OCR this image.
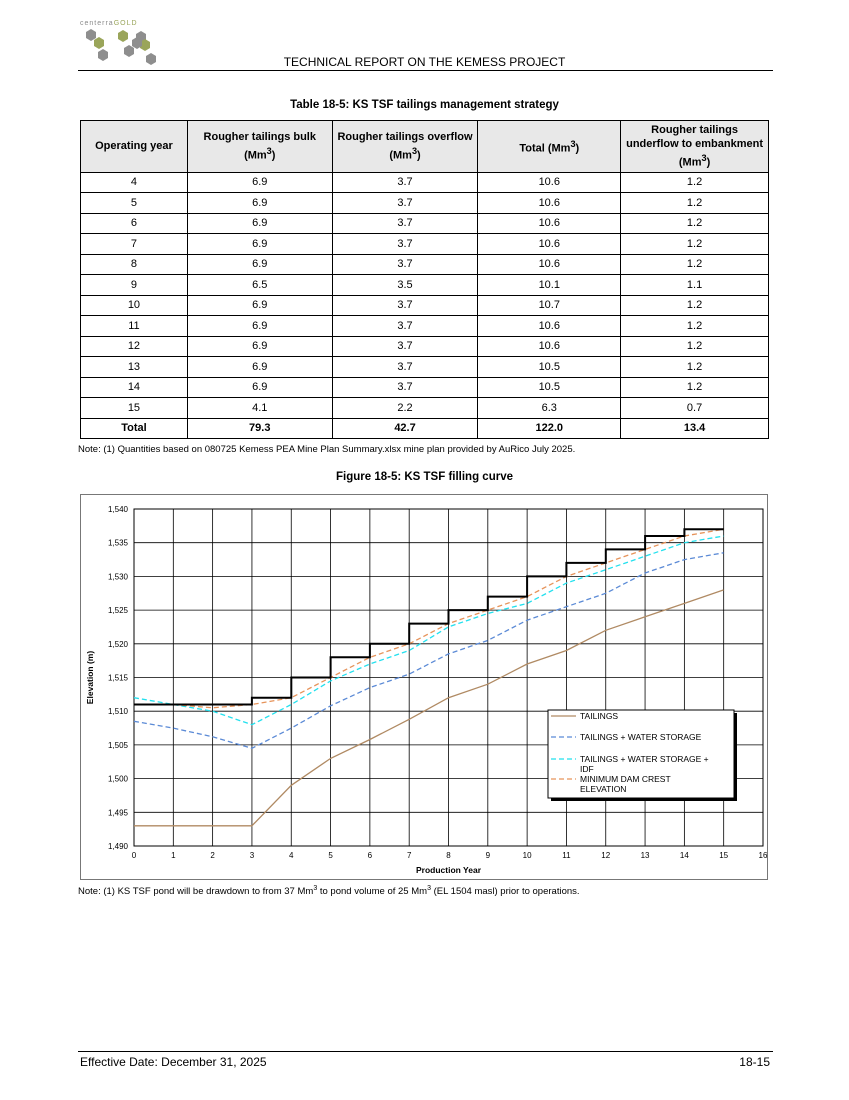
centerraGOLD
TECHNICAL REPORT ON THE KEMESS PROJECT
Table 18-5: KS TSF tailings management strategy
Operating year	Rougher tailings bulk (Mm$^3$)	Rougher tailings overflow (Mm$^3$)	Total (Mm$^3$)	Rougher tailings underflow to embankment (Mm$^3$)
4	6.9	3.7	10.6	1.2
5	6.9	3.7	10.6	1.2
6	6.9	3.7	10.6	1.2
7	6.9	3.7	10.6	1.2
8	6.9	3.7	10.6	1.2
9	6.5	3.5	10.1	1.1
10	6.9	3.7	10.7	1.2
11	6.9	3.7	10.6	1.2
12	6.9	3.7	10.6	1.2
13	6.9	3.7	10.5	1.2
14	6.9	3.7	10.5	1.2
15	4.1	2.2	6.3	0.7
Total	79.3	42.7	122.0	13.4
Note: (1) Quantities based on 080725 Kemess PEA Mine Plan Summary.xlsx mine plan provided by AuRico July 2025.
Figure 18-5: KS TSF filling curve
0	1	2	3	4	5	6	7	8	9	10	11	12	13	14	15	16
1,490
1,495
1,500
1,505
1,510
1,515
1,520
1,525
1,530
1,535
1,540
Production Year
Elevation (m)
TAILINGS
TAILINGS + WATER STORAGE
TAILINGS + WATER STORAGE +
IDF
MINIMUM DAM CREST
ELEVATION
Note: (1) KS TSF pond will be drawdown to from 37 Mm$^3$ to pond volume of 25 Mm$^3$ (EL 1504 masl) prior to operations.
Effective Date: December 31, 2025	18-15
